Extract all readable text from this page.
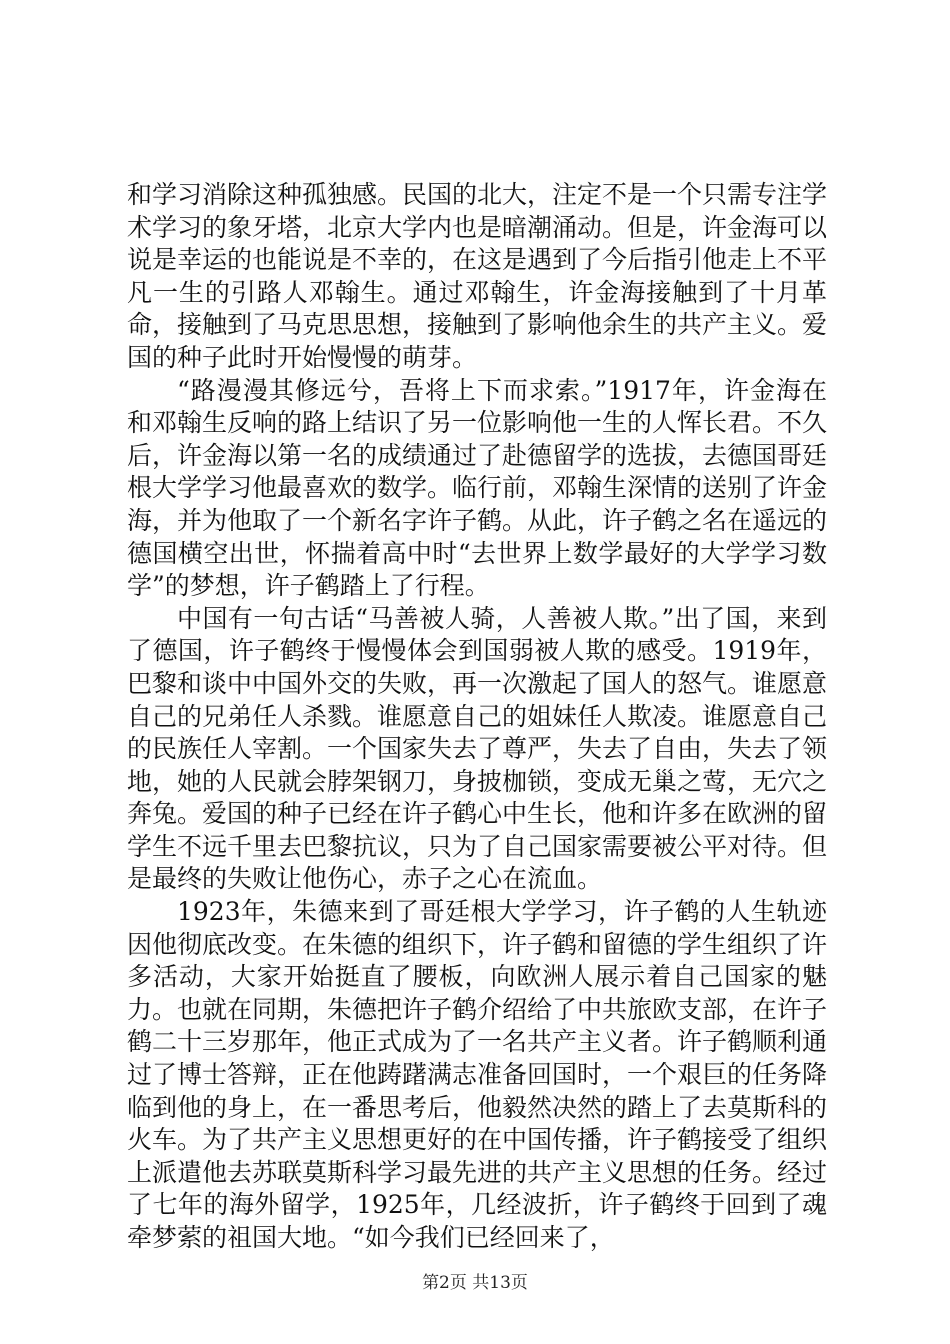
和学习消除这种孤独感。民国的北大，注定不是一个只需专注学术学习的象牙塔，北京大学内也是暗潮涌动。但是，许金海可以说是幸运的也能说是不幸的，在这是遇到了今后指引他走上不平凡一生的引路人邓翰生。通过邓翰生，许金海接触到了十月革命，接触到了马克思思想，接触到了影响他余生的共产主义。爱国的种子此时开始慢慢的萌芽。

“路漫漫其修远兮，吾将上下而求索。”1917年，许金海在和邓翰生反响的路上结识了另一位影响他一生的人恽长君。不久后，许金海以第一名的成绩通过了赴德留学的选拔，去德国哥廷根大学学习他最喜欢的数学。临行前，邓翰生深情的送别了许金海，并为他取了一个新名字许子鹤。从此，许子鹤之名在遥远的德国横空出世，怀揣着高中时“去世界上数学最好的大学学习数学”的梦想，许子鹤踏上了行程。

中国有一句古话“马善被人骑，人善被人欺。”出了国，来到了德国，许子鹤终于慢慢体会到国弱被人欺的感受。1919年，巴黎和谈中中国外交的失败，再一次激起了国人的怒气。谁愿意自己的兄弟任人杀戮。谁愿意自己的姐妹任人欺凌。谁愿意自己的民族任人宰割。一个国家失去了尊严，失去了自由，失去了领地，她的人民就会脖架钢刀，身披枷锁，变成无巢之莺，无穴之奔兔。爱国的种子已经在许子鹤心中生长，他和许多在欧洲的留学生不远千里去巴黎抗议，只为了自己国家需要被公平对待。但是最终的失败让他伤心，赤子之心在流血。

1923年，朱德来到了哥廷根大学学习，许子鹤的人生轨迹因他彻底改变。在朱德的组织下，许子鹤和留德的学生组织了许多活动，大家开始挺直了腰板，向欧洲人展示着自己国家的魅力。也就在同期，朱德把许子鹤介绍给了中共旅欧支部，在许子鹤二十三岁那年，他正式成为了一名共产主义者。许子鹤顺利通过了博士答辩，正在他踌躇满志准备回国时，一个艰巨的任务降临到他的身上，在一番思考后，他毅然决然的踏上了去莫斯科的火车。为了共产主义思想更好的在中国传播，许子鹤接受了组织上派遣他去苏联莫斯科学习最先进的共产主义思想的任务。经过了七年的海外留学，1925年，几经波折，许子鹤终于回到了魂牵梦萦的祖国大地。“如今我们已经回来了，

第2页 共13页
